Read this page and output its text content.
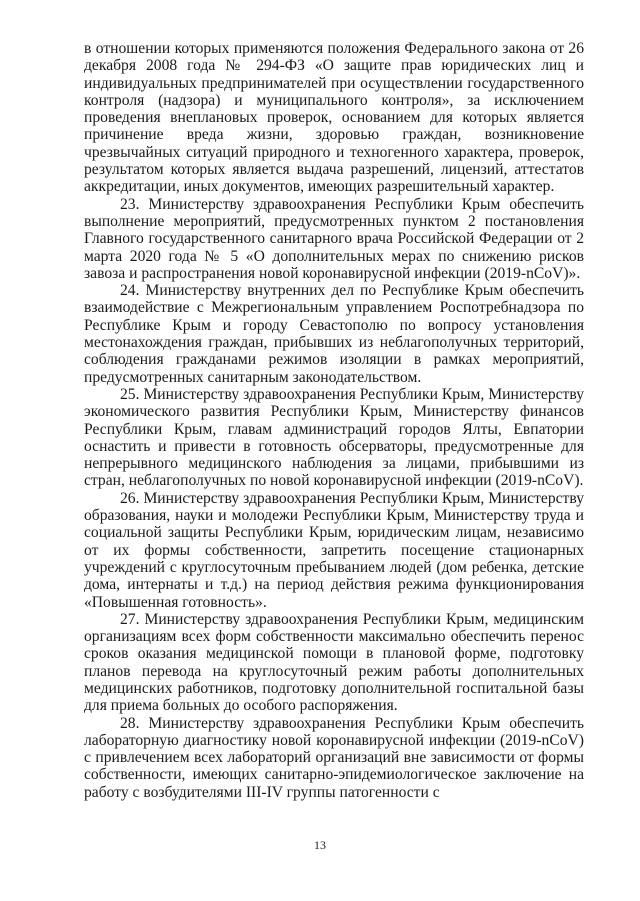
в отношении которых применяются положения Федерального закона от 26 декабря 2008 года № 294-ФЗ «О защите прав юридических лиц и индивидуальных предпринимателей при осуществлении государственного контроля (надзора) и муниципального контроля», за исключением проведения внеплановых проверок, основанием для которых является причинение вреда жизни, здоровью граждан, возникновение чрезвычайных ситуаций природного и техногенного характера, проверок, результатом которых является выдача разрешений, лицензий, аттестатов аккредитации, иных документов, имеющих разрешительный характер.

23. Министерству здравоохранения Республики Крым обеспечить выполнение мероприятий, предусмотренных пунктом 2 постановления Главного государственного санитарного врача Российской Федерации от 2 марта 2020 года № 5 «О дополнительных мерах по снижению рисков завоза и распространения новой коронавирусной инфекции (2019-nCoV)».

24. Министерству внутренних дел по Республике Крым обеспечить взаимодействие с Межрегиональным управлением Роспотребнадзора по Республике Крым и городу Севастополю по вопросу установления местонахождения граждан, прибывших из неблагополучных территорий, соблюдения гражданами режимов изоляции в рамках мероприятий, предусмотренных санитарным законодательством.

25. Министерству здравоохранения Республики Крым, Министерству экономического развития Республики Крым, Министерству финансов Республики Крым, главам администраций городов Ялты, Евпатории оснастить и привести в готовность обсерваторы, предусмотренные для непрерывного медицинского наблюдения за лицами, прибывшими из стран, неблагополучных по новой коронавирусной инфекции (2019-nCoV).

26. Министерству здравоохранения Республики Крым, Министерству образования, науки и молодежи Республики Крым, Министерству труда и социальной защиты Республики Крым, юридическим лицам, независимо от их формы собственности, запретить посещение стационарных учреждений с круглосуточным пребыванием людей (дом ребенка, детские дома, интернаты и т.д.) на период действия режима функционирования «Повышенная готовность».

27. Министерству здравоохранения Республики Крым, медицинским организациям всех форм собственности максимально обеспечить перенос сроков оказания медицинской помощи в плановой форме, подготовку планов перевода на круглосуточный режим работы дополнительных медицинских работников, подготовку дополнительной госпитальной базы для приема больных до особого распоряжения.

28. Министерству здравоохранения Республики Крым обеспечить лабораторную диагностику новой коронавирусной инфекции (2019-nCoV) с привлечением всех лабораторий организаций вне зависимости от формы собственности, имеющих санитарно-эпидемиологическое заключение на работу с возбудителями III-IV группы патогенности с

13
